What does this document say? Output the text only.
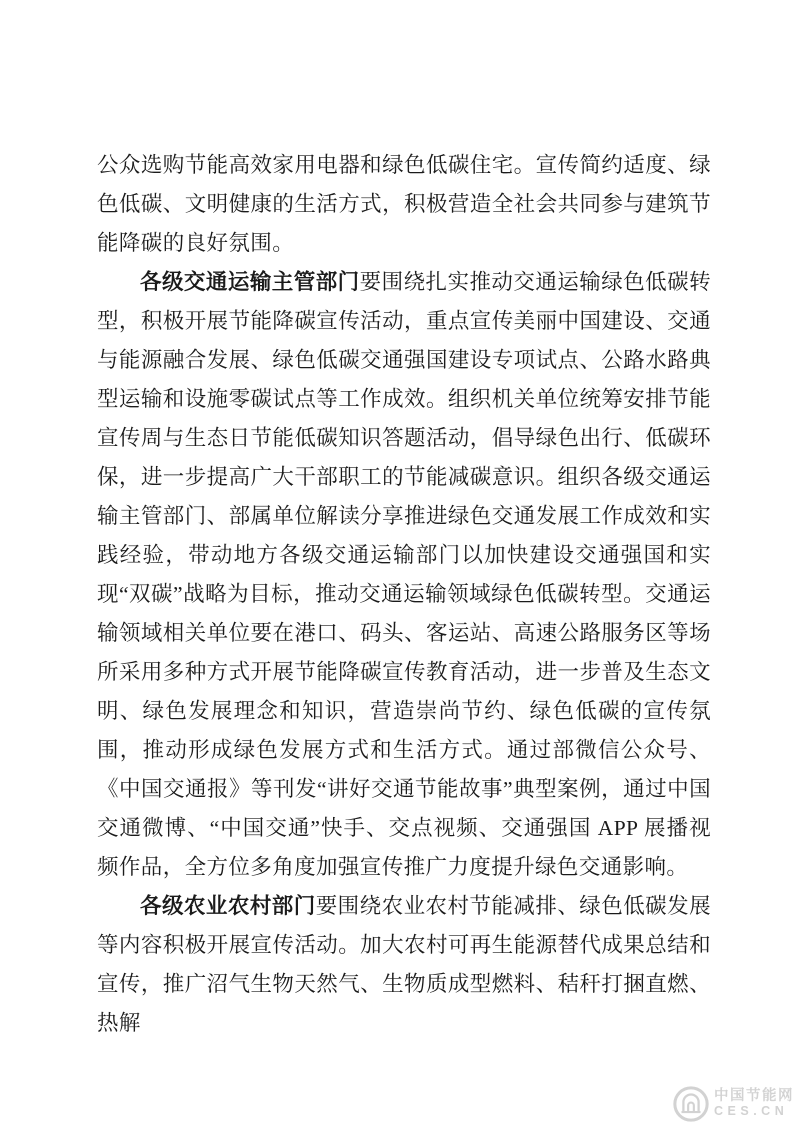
公众选购节能高效家用电器和绿色低碳住宅。宣传简约适度、绿色低碳、文明健康的生活方式，积极营造全社会共同参与建筑节能降碳的良好氛围。

各级交通运输主管部门要围绕扎实推动交通运输绿色低碳转型，积极开展节能降碳宣传活动，重点宣传美丽中国建设、交通与能源融合发展、绿色低碳交通强国建设专项试点、公路水路典型运输和设施零碳试点等工作成效。组织机关单位统筹安排节能宣传周与生态日节能低碳知识答题活动，倡导绿色出行、低碳环保，进一步提高广大干部职工的节能减碳意识。组织各级交通运输主管部门、部属单位解读分享推进绿色交通发展工作成效和实践经验，带动地方各级交通运输部门以加快建设交通强国和实现“双碳”战略为目标，推动交通运输领域绿色低碳转型。交通运输领域相关单位要在港口、码头、客运站、高速公路服务区等场所采用多种方式开展节能降碳宣传教育活动，进一步普及生态文明、绿色发展理念和知识，营造崇尚节约、绿色低碳的宣传氛围，推动形成绿色发展方式和生活方式。通过部微信公众号、《中国交通报》等刊发“讲好交通节能故事”典型案例，通过中国交通微博、“中国交通”快手、交点视频、交通强国 APP 展播视频作品，全方位多角度加强宣传推广力度提升绿色交通影响。

各级农业农村部门要围绕农业农村节能减排、绿色低碳发展等内容积极开展宣传活动。加大农村可再生能源替代成果总结和宣传，推广沼气生物天然气、生物质成型燃料、秸秆打捆直燃、热解

中国节能网
CES.CN
